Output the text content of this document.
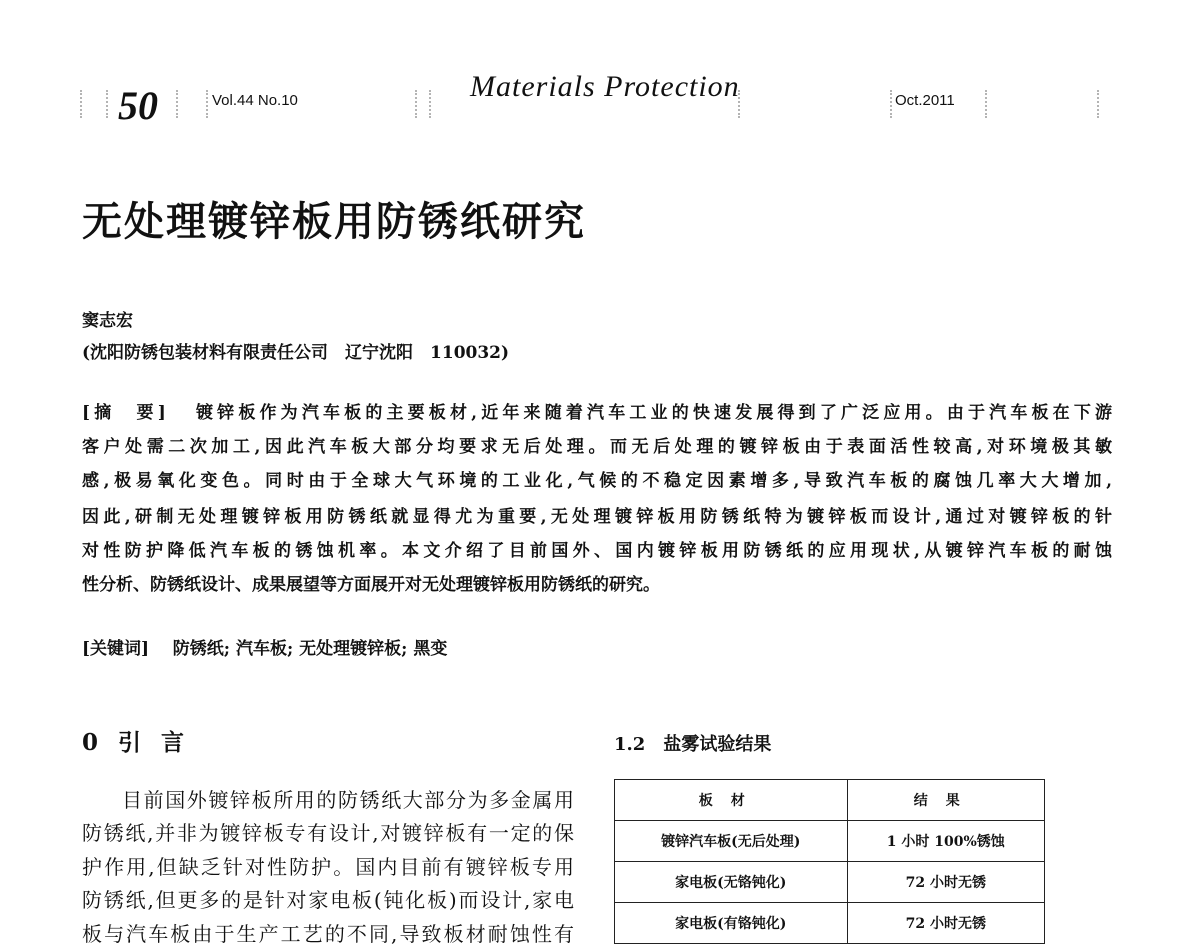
50	Vol.44 No.10	Materials Protection	Oct.2011
无处理镀锌板用防锈纸研究
窦志宏
(沈阳防锈包装材料有限责任公司　辽宁沈阳　110032)
[摘　要] 镀锌板作为汽车板的主要板材,近年来随着汽车工业的快速发展得到了广泛应用。由于汽车板在下游
客户处需二次加工,因此汽车板大部分均要求无后处理。而无后处理的镀锌板由于表面活性较高,对环境极其敏
感,极易氧化变色。同时由于全球大气环境的工业化,气候的不稳定因素增多,导致汽车板的腐蚀几率大大增加,
因此,研制无处理镀锌板用防锈纸就显得尤为重要,无处理镀锌板用防锈纸特为镀锌板而设计,通过对镀锌板的针
对性防护降低汽车板的锈蚀机率。本文介绍了目前国外、国内镀锌板用防锈纸的应用现状,从镀锌汽车板的耐蚀
性分析、防锈纸设计、成果展望等方面展开对无处理镀锌板用防锈纸的研究。
[关键词] 防锈纸; 汽车板; 无处理镀锌板; 黑变
0 引 言
目前国外镀锌板所用的防锈纸大部分为多金属用
防锈纸,并非为镀锌板专有设计,对镀锌板有一定的保
护作用,但缺乏针对性防护。国内目前有镀锌板专用
防锈纸,但更多的是针对家电板(钝化板)而设计,家电
板与汽车板由于生产工艺的不同,导致板材耐蚀性有
1.2　盐雾试验结果
板材	结果
镀锌汽车板(无后处理)	1 小时 100%锈蚀
家电板(无铬钝化)	72 小时无锈
家电板(有铬钝化)	72 小时无锈
